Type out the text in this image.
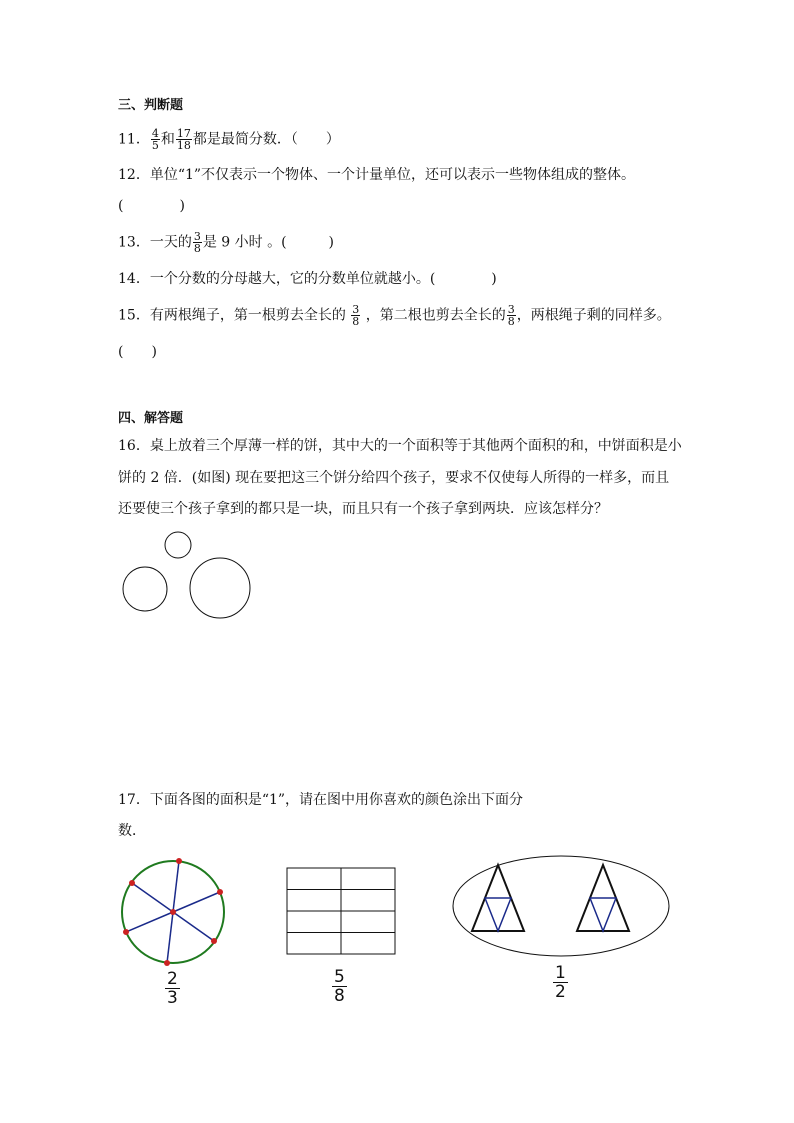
三、判断题
11． $\frac{4}{5}$ 和 $\frac{17}{18}$ 都是最简分数．（　　）
12．单位“1”不仅表示一个物体、一个计量单位，还可以表示一些物体组成的整体。
(　　　　)
13．一天的 $\frac{3}{8}$ 是 9 小时 。(　　　)
14．一个分数的分母越大，它的分数单位就越小。(　　　　)
15．有两根绳子，第一根剪去全长的 $\frac{3}{8}$ ，第二根也剪去全长的 $\frac{3}{8}$ ，两根绳子剩的同样多。
(　　)
四、解答题
16．桌上放着三个厚薄一样的饼，其中大的一个面积等于其他两个面积的和，中饼面积是小
饼的 2 倍．(如图) 现在要把这三个饼分给四个孩子，要求不仅使每人所得的一样多，而且
还要使三个孩子拿到的都只是一块，而且只有一个孩子拿到两块．应该怎样分？
17．下面各图的面积是“1”，请在图中用你喜欢的颜色涂出下面分
数．
$\frac{2}{3}$	$\frac{5}{8}$	$\frac{1}{2}$
